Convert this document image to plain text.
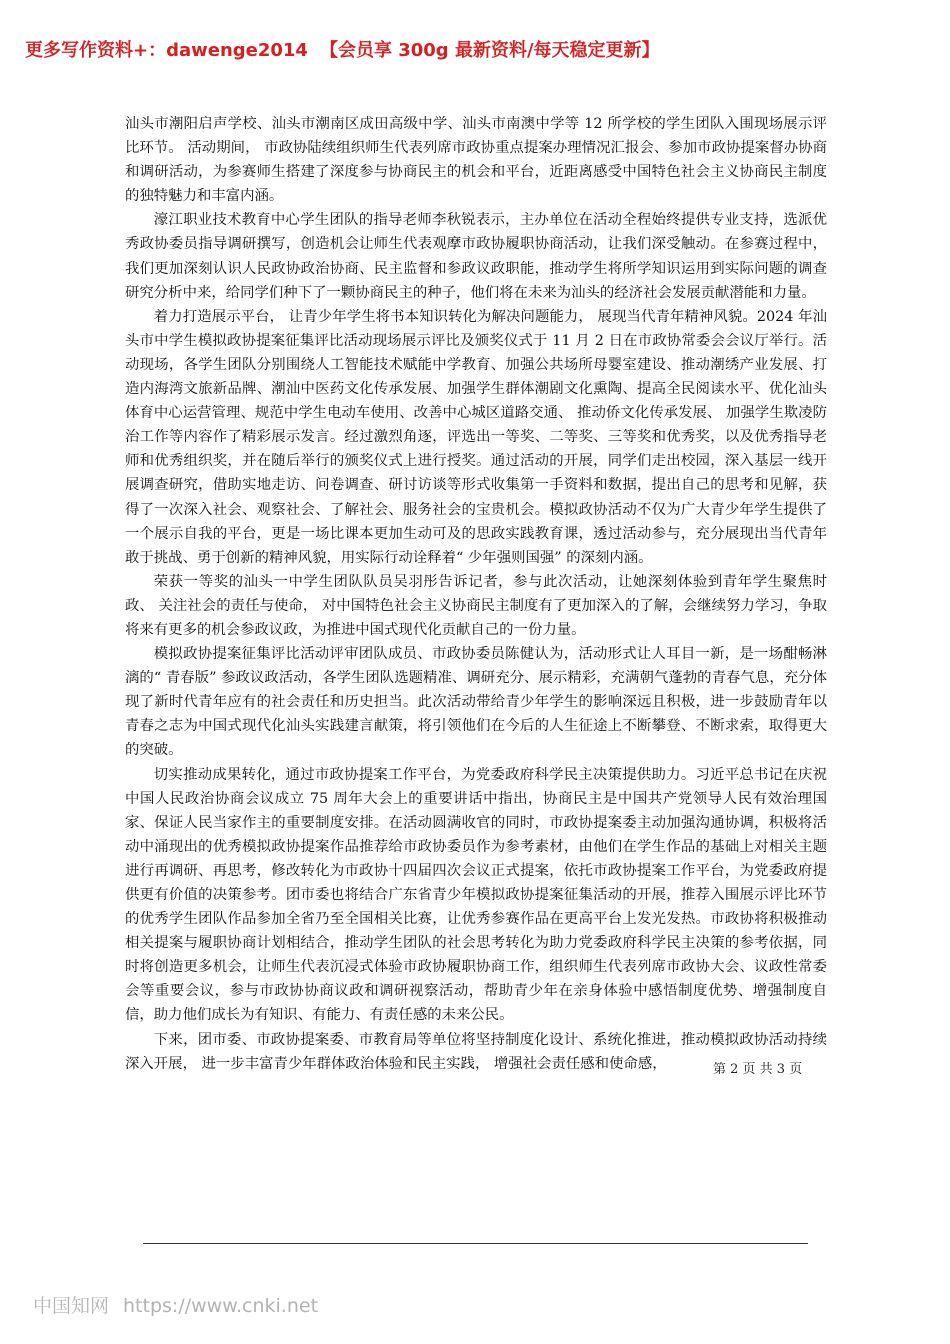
更多写作资料+：dawenge2014 【会员享 300g 最新资料/每天稳定更新】

汕头市潮阳启声学校、汕头市潮南区成田高级中学、汕头市南澳中学等 12 所学校的学生团队入围现场展示评比环节。 活动期间， 市政协陆续组织师生代表列席市政协重点提案办理情况汇报会、参加市政协提案督办协商和调研活动，为参赛师生搭建了深度参与协商民主的机会和平台，近距离感受中国特色社会主义协商民主制度的独特魅力和丰富内涵。

濠江职业技术教育中心学生团队的指导老师李秋锐表示，主办单位在活动全程始终提供专业支持，选派优秀政协委员指导调研撰写，创造机会让师生代表观摩市政协履职协商活动，让我们深受触动。在参赛过程中，我们更加深刻认识人民政协政治协商、民主监督和参政议政职能，推动学生将所学知识运用到实际问题的调查研究分析中来，给同学们种下了一颗协商民主的种子，他们将在未来为汕头的经济社会发展贡献潜能和力量。

着力打造展示平台， 让青少年学生将书本知识转化为解决问题能力， 展现当代青年精神风貌。2024 年汕头市中学生模拟政协提案征集评比活动现场展示评比及颁奖仪式于 11 月 2 日在市政协常委会会议厅举行。活动现场，各学生团队分别围绕人工智能技术赋能中学教育、加强公共场所母婴室建设、推动潮绣产业发展、打造内海湾文旅新品牌、潮汕中医药文化传承发展、加强学生群体潮剧文化熏陶、提高全民阅读水平、优化汕头体育中心运营管理、规范中学生电动车使用、改善中心城区道路交通、 推动侨文化传承发展、 加强学生欺凌防治工作等内容作了精彩展示发言。经过激烈角逐，评选出一等奖、二等奖、三等奖和优秀奖，以及优秀指导老师和优秀组织奖，并在随后举行的颁奖仪式上进行授奖。通过活动的开展，同学们走出校园，深入基层一线开展调查研究，借助实地走访、问卷调查、研讨访谈等形式收集第一手资料和数据，提出自己的思考和见解，获得了一次深入社会、观察社会、了解社会、服务社会的宝贵机会。模拟政协活动不仅为广大青少年学生提供了一个展示自我的平台，更是一场比课本更加生动可及的思政实践教育课，透过活动参与，充分展现出当代青年敢于挑战、勇于创新的精神风貌，用实际行动诠释着“ 少年强则国强” 的深刻内涵。

荣获一等奖的汕头一中学生团队队员吴羽彤告诉记者，参与此次活动，让她深刻体验到青年学生聚焦时政、 关注社会的责任与使命， 对中国特色社会主义协商民主制度有了更加深入的了解，会继续努力学习，争取将来有更多的机会参政议政，为推进中国式现代化贡献自己的一份力量。

模拟政协提案征集评比活动评审团队成员、市政协委员陈健认为，活动形式让人耳目一新，是一场酣畅淋漓的“ 青春版” 参政议政活动，各学生团队选题精准、调研充分、展示精彩，充满朝气蓬勃的青春气息，充分体现了新时代青年应有的社会责任和历史担当。此次活动带给青少年学生的影响深远且积极，进一步鼓励青年以青春之志为中国式现代化汕头实践建言献策，将引领他们在今后的人生征途上不断攀登、不断求索，取得更大的突破。

切实推动成果转化，通过市政协提案工作平台，为党委政府科学民主决策提供助力。习近平总书记在庆祝中国人民政治协商会议成立 75 周年大会上的重要讲话中指出，协商民主是中国共产党领导人民有效治理国家、保证人民当家作主的重要制度安排。在活动圆满收官的同时，市政协提案委主动加强沟通协调，积极将活动中涌现出的优秀模拟政协提案作品推荐给市政协委员作为参考素材，由他们在学生作品的基础上对相关主题进行再调研、再思考，修改转化为市政协十四届四次会议正式提案，依托市政协提案工作平台，为党委政府提供更有价值的决策参考。团市委也将结合广东省青少年模拟政协提案征集活动的开展，推荐入围展示评比环节的优秀学生团队作品参加全省乃至全国相关比赛，让优秀参赛作品在更高平台上发光发热。市政协将积极推动相关提案与履职协商计划相结合，推动学生团队的社会思考转化为助力党委政府科学民主决策的参考依据，同时将创造更多机会，让师生代表沉浸式体验市政协履职协商工作，组织师生代表列席市政协大会、议政性常委会等重要会议，参与市政协协商议政和调研视察活动，帮助青少年在亲身体验中感悟制度优势、增强制度自信，助力他们成长为有知识、有能力、有责任感的未来公民。

下来，团市委、市政协提案委、市教育局等单位将坚持制度化设计、系统化推进，推动模拟政协活动持续深入开展， 进一步丰富青少年群体政治体验和民主实践， 增强社会责任感和使命感，	第 2 页 共 3 页
中国知网 https://www.cnki.net
